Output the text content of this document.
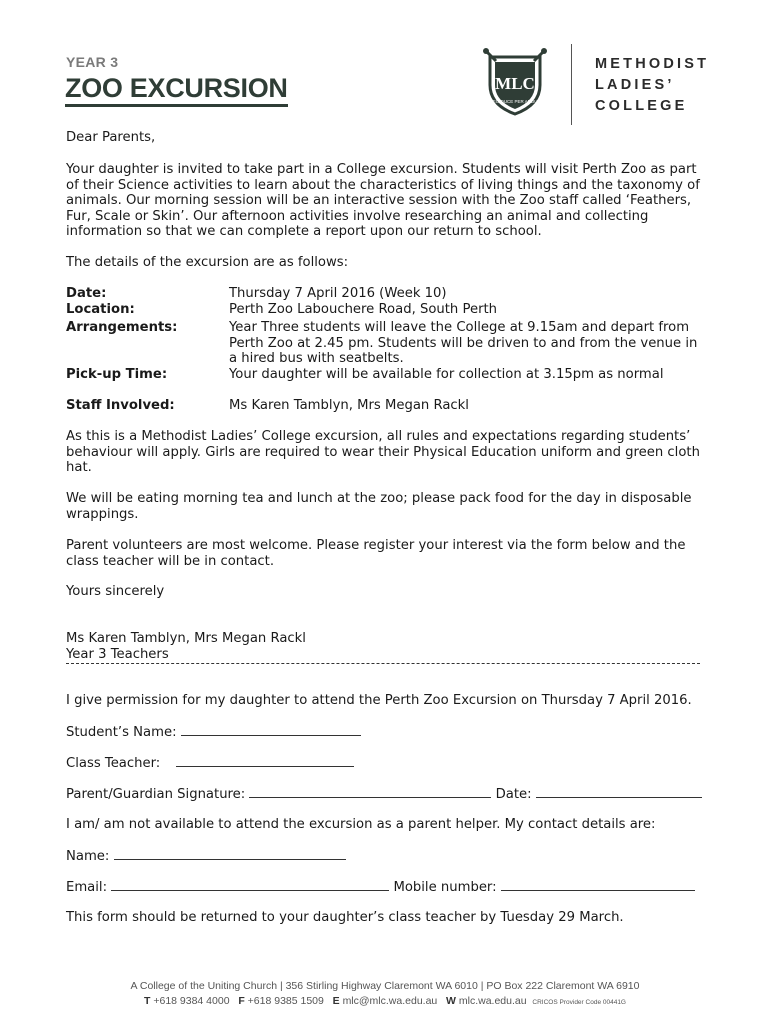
YEAR 3
ZOO EXCURSION	MLC
DEO DUCE PER ARDUA
METHODIST
LADIES’
COLLEGE
Dear Parents,
Your daughter is invited to take part in a College excursion. Students will visit Perth Zoo as part of their Science activities to learn about the characteristics of living things and the taxonomy of animals. Our morning session will be an interactive session with the Zoo staff called ‘Feathers, Fur, Scale or Skin’. Our afternoon activities involve researching an animal and collecting information so that we can complete a report upon our return to school.
The details of the excursion are as follows:
Date:	Thursday 7 April 2016 (Week 10)
Location:	Perth Zoo Labouchere Road, South Perth
Arrangements:	Year Three students will leave the College at 9.15am and depart from Perth Zoo at 2.45 pm. Students will be driven to and from the venue in a hired bus with seatbelts.
Pick-up Time:	Your daughter will be available for collection at 3.15pm as normal
Staff Involved:	Ms Karen Tamblyn, Mrs Megan Rackl
As this is a Methodist Ladies’ College excursion, all rules and expectations regarding students’ behaviour will apply. Girls are required to wear their Physical Education uniform and green cloth hat.
We will be eating morning tea and lunch at the zoo; please pack food for the day in disposable wrappings.
Parent volunteers are most welcome. Please register your interest via the form below and the class teacher will be in contact.
Yours sincerely
Ms Karen Tamblyn, Mrs Megan Rackl
Year 3 Teachers
I give permission for my daughter to attend the Perth Zoo Excursion on Thursday 7 April 2016.
Student’s Name:
Class Teacher:
Parent/Guardian Signature:	Date:
I am/ am not available to attend the excursion as a parent helper. My contact details are:
Name:
Email:	Mobile number:
This form should be returned to your daughter’s class teacher by Tuesday 29 March.
A College of the Uniting Church | 356 Stirling Highway Claremont WA 6010 | PO Box 222 Claremont WA 6910
T +618 9384 4000 F +618 9385 1509 E mlc@mlc.wa.edu.au W mlc.wa.edu.au CRICOS Provider Code 00441G
